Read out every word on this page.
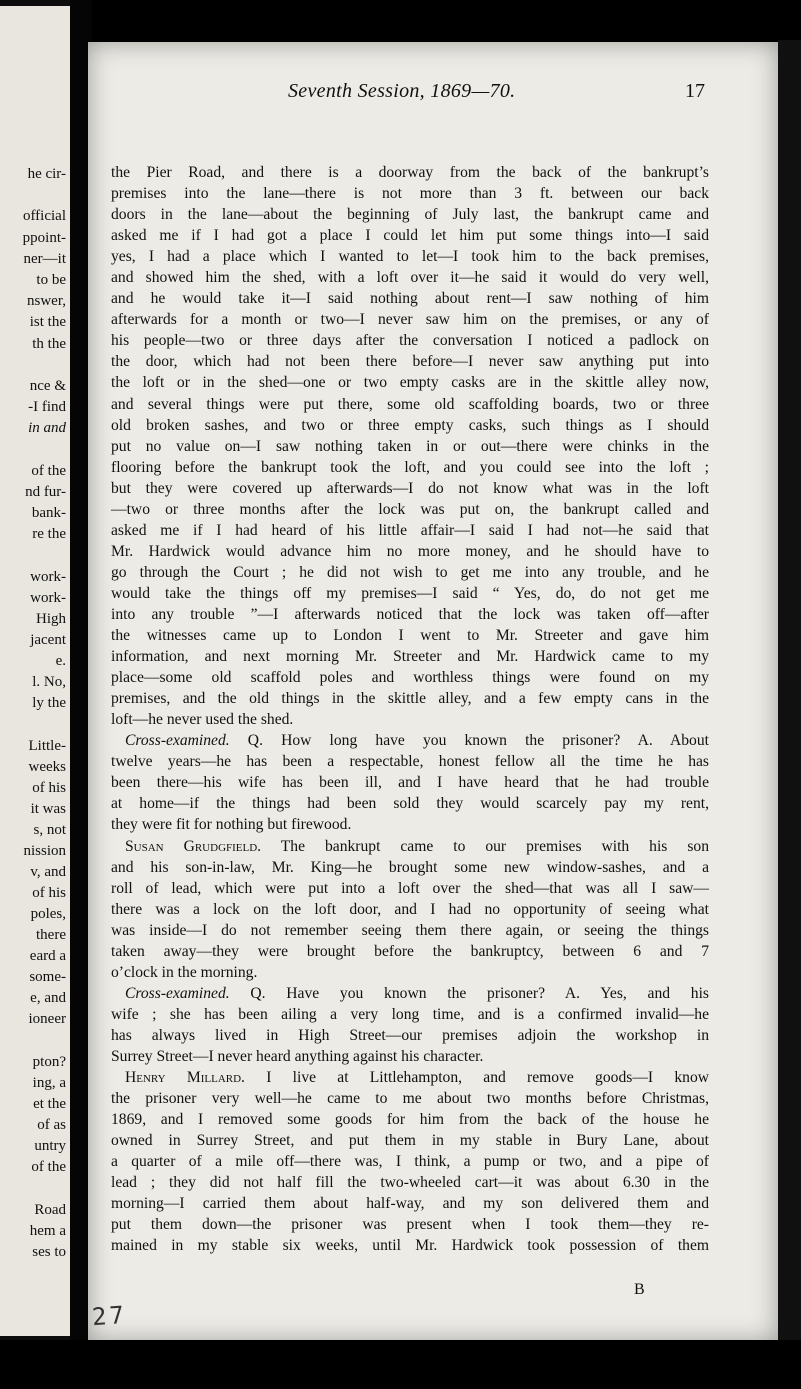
he cir-
official
ppoint-
ner—it
to be
nswer,
ist the
th the
nce &
-I find
in and
of the
nd fur-
bank-
re the
work-
work-
High
jacent
e.
l. No,
ly the
Little-
weeks
of his
it was
s, not
nission
v, and
of his
poles,
there
eard a
some-
e, and
ioneer
pton?
ing, a
et the
of as
untry
of the
Road
hem a
ses to
Seventh Session, 1869—70.	17
the Pier Road, and there is a doorway from the back of the bankrupt’s
premises into the lane—there is not more than 3 ft. between our back
doors in the lane—about the beginning of July last, the bankrupt came and
asked me if I had got a place I could let him put some things into—I said
yes, I had a place which I wanted to let—I took him to the back premises,
and showed him the shed, with a loft over it—he said it would do very well,
and he would take it—I said nothing about rent—I saw nothing of him
afterwards for a month or two—I never saw him on the premises, or any of
his people—two or three days after the conversation I noticed a padlock on
the door, which had not been there before—I never saw anything put into
the loft or in the shed—one or two empty casks are in the skittle alley now,
and several things were put there, some old scaffolding boards, two or three
old broken sashes, and two or three empty casks, such things as I should
put no value on—I saw nothing taken in or out—there were chinks in the
flooring before the bankrupt took the loft, and you could see into the loft ;
but they were covered up afterwards—I do not know what was in the loft
—two or three months after the lock was put on, the bankrupt called and
asked me if I had heard of his little affair—I said I had not—he said that
Mr. Hardwick would advance him no more money, and he should have to
go through the Court ; he did not wish to get me into any trouble, and he
would take the things off my premises—I said “ Yes, do, do not get me
into any trouble ”—I afterwards noticed that the lock was taken off—after
the witnesses came up to London I went to Mr. Streeter and gave him
information, and next morning Mr. Streeter and Mr. Hardwick came to my
place—some old scaffold poles and worthless things were found on my
premises, and the old things in the skittle alley, and a few empty cans in the
loft—he never used the shed.
Cross-examined. Q. How long have you known the prisoner? A. About
twelve years—he has been a respectable, honest fellow all the time he has
been there—his wife has been ill, and I have heard that he had trouble
at home—if the things had been sold they would scarcely pay my rent,
they were fit for nothing but firewood.
Susan Grudgfield. The bankrupt came to our premises with his son
and his son-in-law, Mr. King—he brought some new window-sashes, and a
roll of lead, which were put into a loft over the shed—that was all I saw—
there was a lock on the loft door, and I had no opportunity of seeing what
was inside—I do not remember seeing them there again, or seeing the things
taken away—they were brought before the bankruptcy, between 6 and 7
o’clock in the morning.
Cross-examined. Q. Have you known the prisoner? A. Yes, and his
wife ; she has been ailing a very long time, and is a confirmed invalid—he
has always lived in High Street—our premises adjoin the workshop in
Surrey Street—I never heard anything against his character.
Henry Millard. I live at Littlehampton, and remove goods—I know
the prisoner very well—he came to me about two months before Christmas,
1869, and I removed some goods for him from the back of the house he
owned in Surrey Street, and put them in my stable in Bury Lane, about
a quarter of a mile off—there was, I think, a pump or two, and a pipe of
lead ; they did not half fill the two-wheeled cart—it was about 6.30 in the
morning—I carried them about half-way, and my son delivered them and
put them down—the prisoner was present when I took them—they re-
mained in my stable six weeks, until Mr. Hardwick took possession of them
B
27
